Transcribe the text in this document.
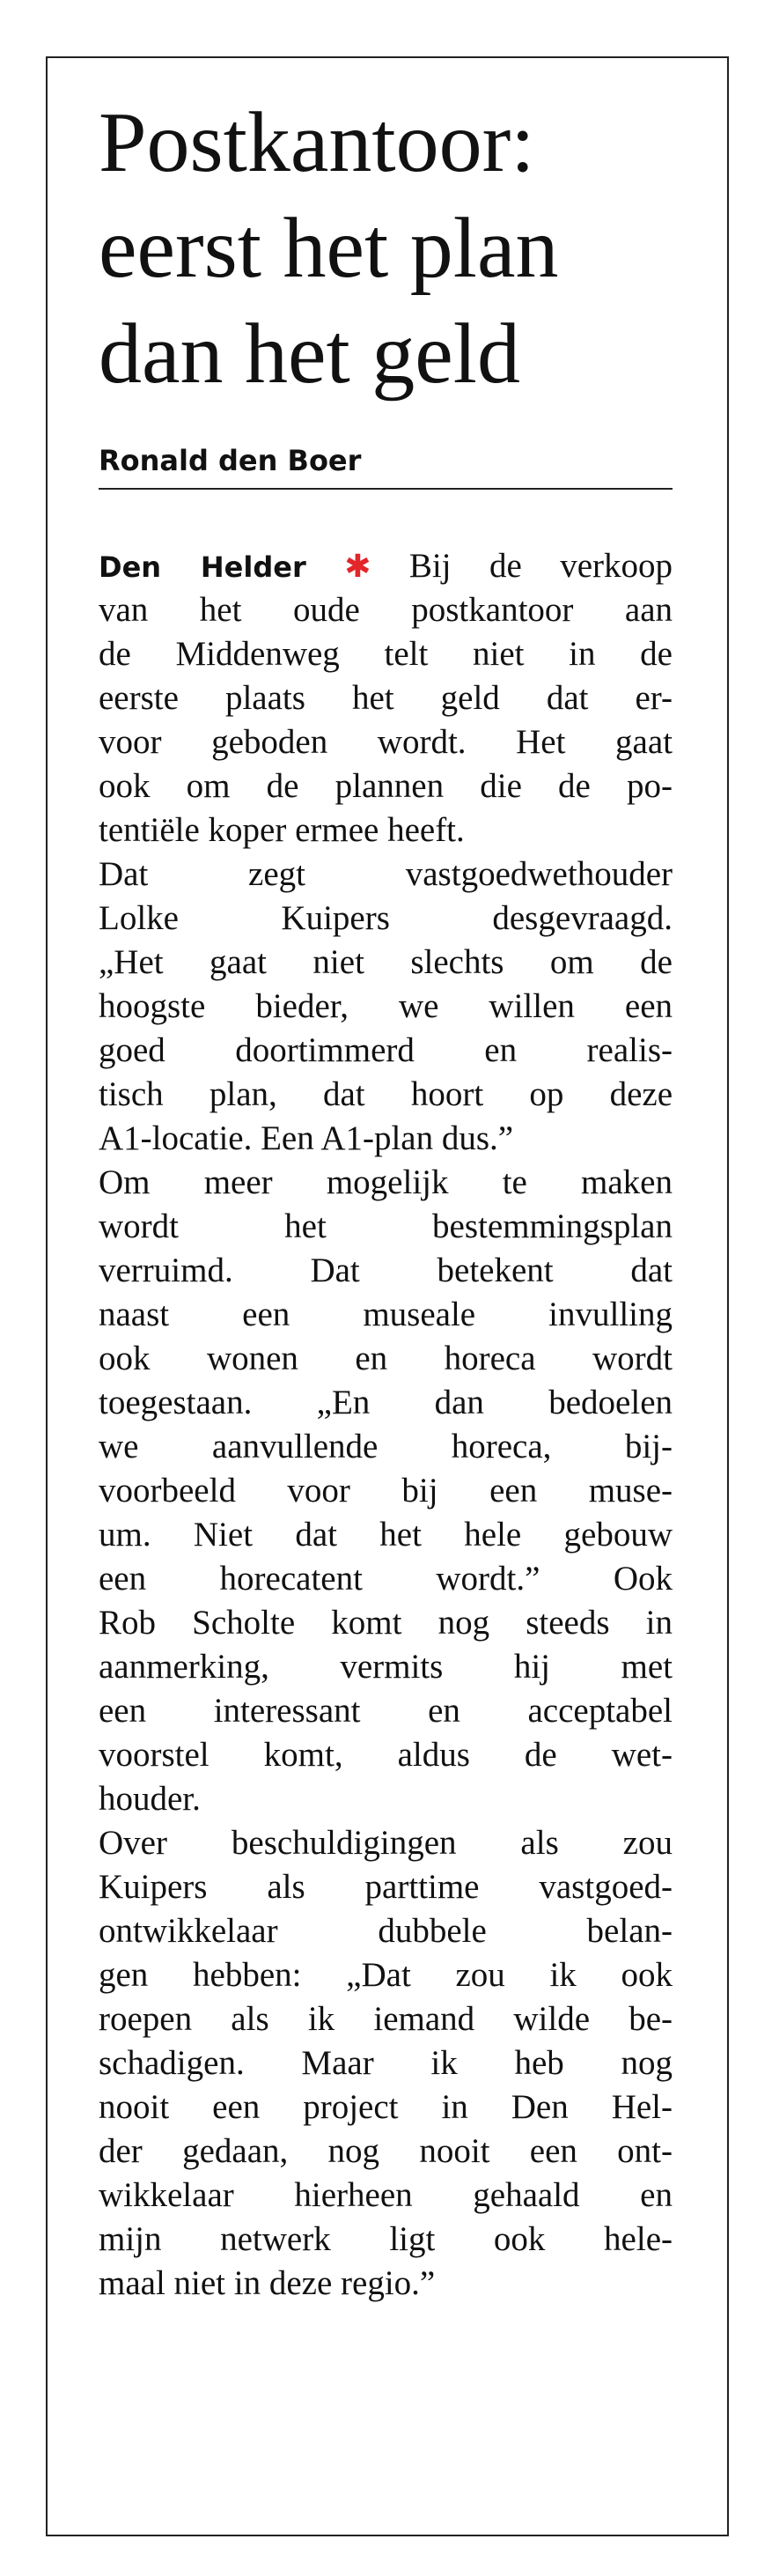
Postkantoor:
eerst het plan
dan het geld
Ronald den Boer
Den Helder ✱ Bij de verkoop
van het oude postkantoor aan
de Middenweg telt niet in de
eerste plaats het geld dat er-
voor geboden wordt. Het gaat
ook om de plannen die de po-
tentiële koper ermee heeft.
Dat zegt vastgoedwethouder
Lolke Kuipers desgevraagd.
„Het gaat niet slechts om de
hoogste bieder, we willen een
goed doortimmerd en realis-
tisch plan, dat hoort op deze
A1-locatie. Een A1-plan dus.”
Om meer mogelijk te maken
wordt het bestemmingsplan
verruimd. Dat betekent dat
naast een museale invulling
ook wonen en horeca wordt
toegestaan. „En dan bedoelen
we aanvullende horeca, bij-
voorbeeld voor bij een muse-
um. Niet dat het hele gebouw
een horecatent wordt.” Ook
Rob Scholte komt nog steeds in
aanmerking, vermits hij met
een interessant en acceptabel
voorstel komt, aldus de wet-
houder.
Over beschuldigingen als zou
Kuipers als parttime vastgoed-
ontwikkelaar dubbele belan-
gen hebben: „Dat zou ik ook
roepen als ik iemand wilde be-
schadigen. Maar ik heb nog
nooit een project in Den Hel-
der gedaan, nog nooit een ont-
wikkelaar hierheen gehaald en
mijn netwerk ligt ook hele-
maal niet in deze regio.”
